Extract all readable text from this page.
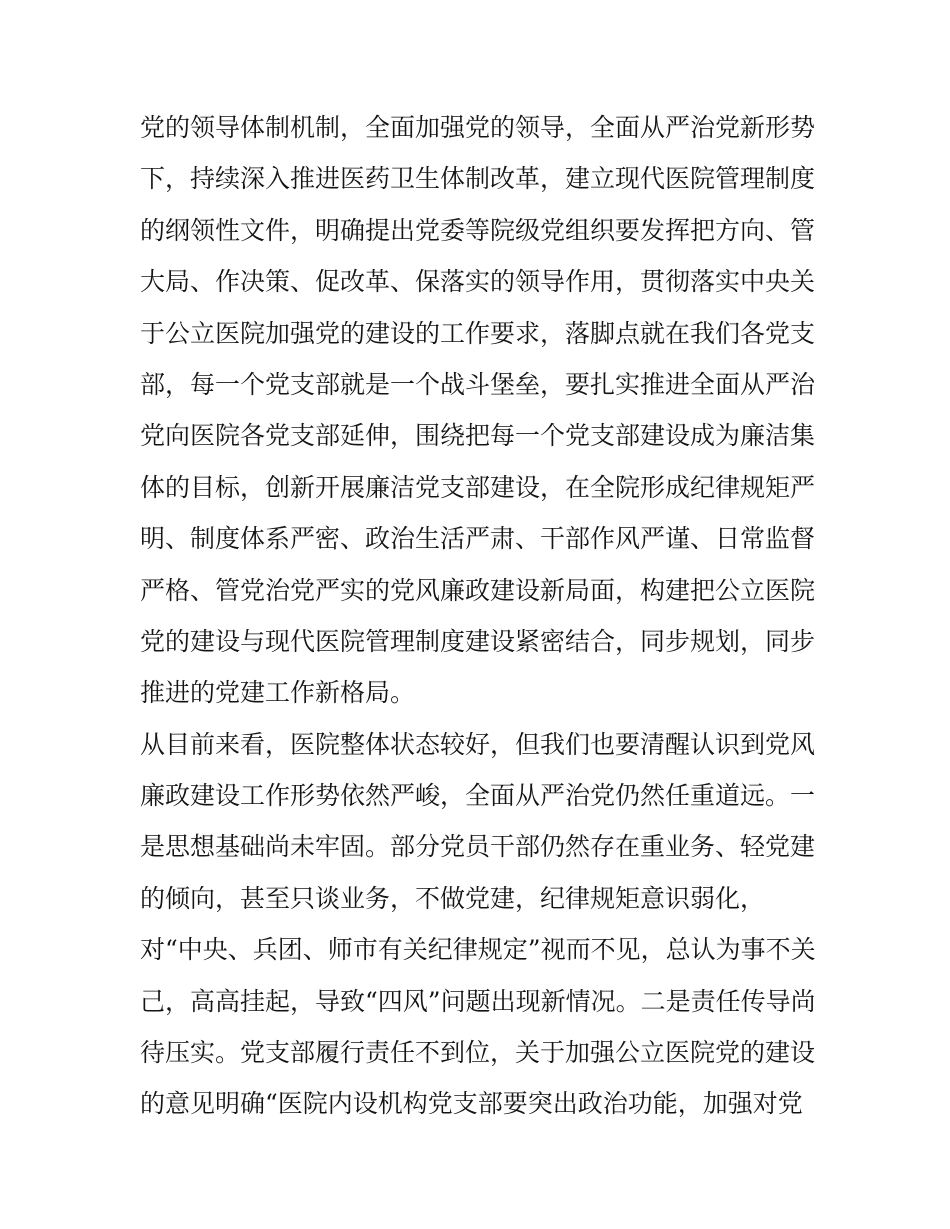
党的领导体制机制，全面加强党的领导，全面从严治党新形势
下，持续深入推进医药卫生体制改革，建立现代医院管理制度
的纲领性文件，明确提出党委等院级党组织要发挥把方向、管
大局、作决策、促改革、保落实的领导作用，贯彻落实中央关
于公立医院加强党的建设的工作要求，落脚点就在我们各党支
部，每一个党支部就是一个战斗堡垒，要扎实推进全面从严治
党向医院各党支部延伸，围绕把每一个党支部建设成为廉洁集
体的目标，创新开展廉洁党支部建设，在全院形成纪律规矩严
明、制度体系严密、政治生活严肃、干部作风严谨、日常监督
严格、管党治党严实的党风廉政建设新局面，构建把公立医院
党的建设与现代医院管理制度建设紧密结合，同步规划，同步
推进的党建工作新格局。
从目前来看，医院整体状态较好，但我们也要清醒认识到党风
廉政建设工作形势依然严峻，全面从严治党仍然任重道远。一
是思想基础尚未牢固。部分党员干部仍然存在重业务、轻党建
的倾向，甚至只谈业务，不做党建，纪律规矩意识弱化，
对“中央、兵团、师市有关纪律规定”视而不见，总认为事不关
己，高高挂起，导致“四风”问题出现新情况。二是责任传导尚
待压实。党支部履行责任不到位，关于加强公立医院党的建设
的意见明确“医院内设机构党支部要突出政治功能，加强对党
